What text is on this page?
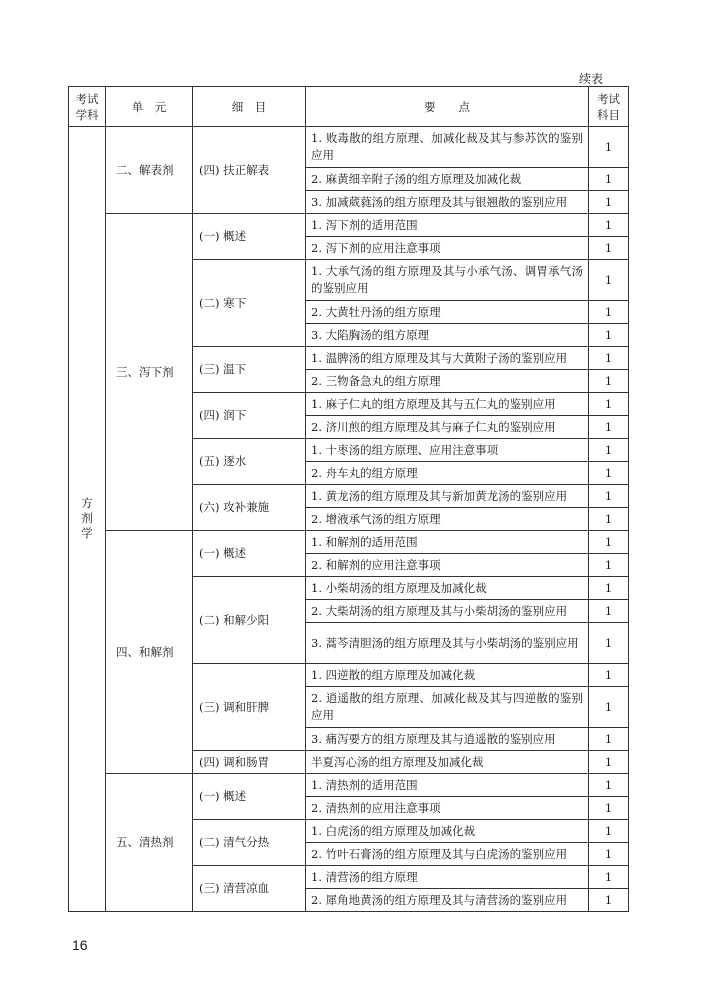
续表
考试学科	单　元	细　目	要　　点	考试科目
方剂学	二、解表剂	(四) 扶正解表	1. 败毒散的组方原理、加减化裁及其与参苏饮的鉴别应用	1
			2. 麻黄细辛附子汤的组方原理及加减化裁	1
			3. 加减葳蕤汤的组方原理及其与银翘散的鉴别应用	1
	三、泻下剂	(一) 概述	1. 泻下剂的适用范围	1
			2. 泻下剂的应用注意事项	1
		(二) 寒下	1. 大承气汤的组方原理及其与小承气汤、调胃承气汤的鉴别应用	1
			2. 大黄牡丹汤的组方原理	1
			3. 大陷胸汤的组方原理	1
		(三) 温下	1. 温脾汤的组方原理及其与大黄附子汤的鉴别应用	1
			2. 三物备急丸的组方原理	1
		(四) 润下	1. 麻子仁丸的组方原理及其与五仁丸的鉴别应用	1
			2. 济川煎的组方原理及其与麻子仁丸的鉴别应用	1
		(五) 逐水	1. 十枣汤的组方原理、应用注意事项	1
			2. 舟车丸的组方原理	1
		(六) 攻补兼施	1. 黄龙汤的组方原理及其与新加黄龙汤的鉴别应用	1
			2. 增液承气汤的组方原理	1
	四、和解剂	(一) 概述	1. 和解剂的适用范围	1
			2. 和解剂的应用注意事项	1
		(二) 和解少阳	1. 小柴胡汤的组方原理及加减化裁	1
			2. 大柴胡汤的组方原理及其与小柴胡汤的鉴别应用	1
			3. 蒿芩清胆汤的组方原理及其与小柴胡汤的鉴别应用	1
		(三) 调和肝脾	1. 四逆散的组方原理及加减化裁	1
			2. 逍遥散的组方原理、加减化裁及其与四逆散的鉴别应用	1
			3. 痛泻要方的组方原理及其与逍遥散的鉴别应用	1
		(四) 调和肠胃	半夏泻心汤的组方原理及加减化裁	1
	五、清热剂	(一) 概述	1. 清热剂的适用范围	1
			2. 清热剂的应用注意事项	1
		(二) 清气分热	1. 白虎汤的组方原理及加减化裁	1
			2. 竹叶石膏汤的组方原理及其与白虎汤的鉴别应用	1
		(三) 清营凉血	1. 清营汤的组方原理	1
			2. 犀角地黄汤的组方原理及其与清营汤的鉴别应用	1
16
